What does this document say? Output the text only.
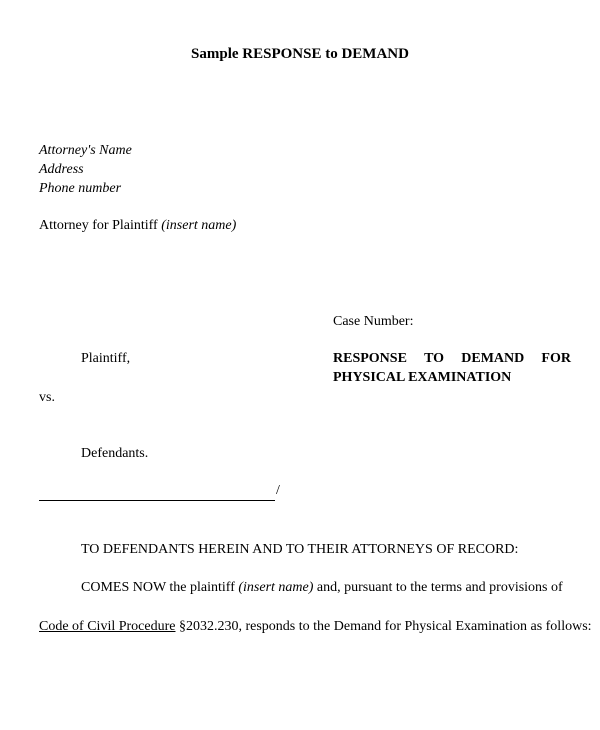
Sample RESPONSE to DEMAND
Attorney's Name
Address
Phone number
Attorney for Plaintiff (insert name)
Case Number:
Plaintiff,	RESPONSE TO DEMAND FOR
PHYSICAL EXAMINATION
vs.
Defendants.
/
TO DEFENDANTS HEREIN AND TO THEIR ATTORNEYS OF RECORD:
COMES NOW the plaintiff (insert name) and, pursuant to the terms and provisions of
Code of Civil Procedure §2032.230, responds to the Demand for Physical Examination as follows:
